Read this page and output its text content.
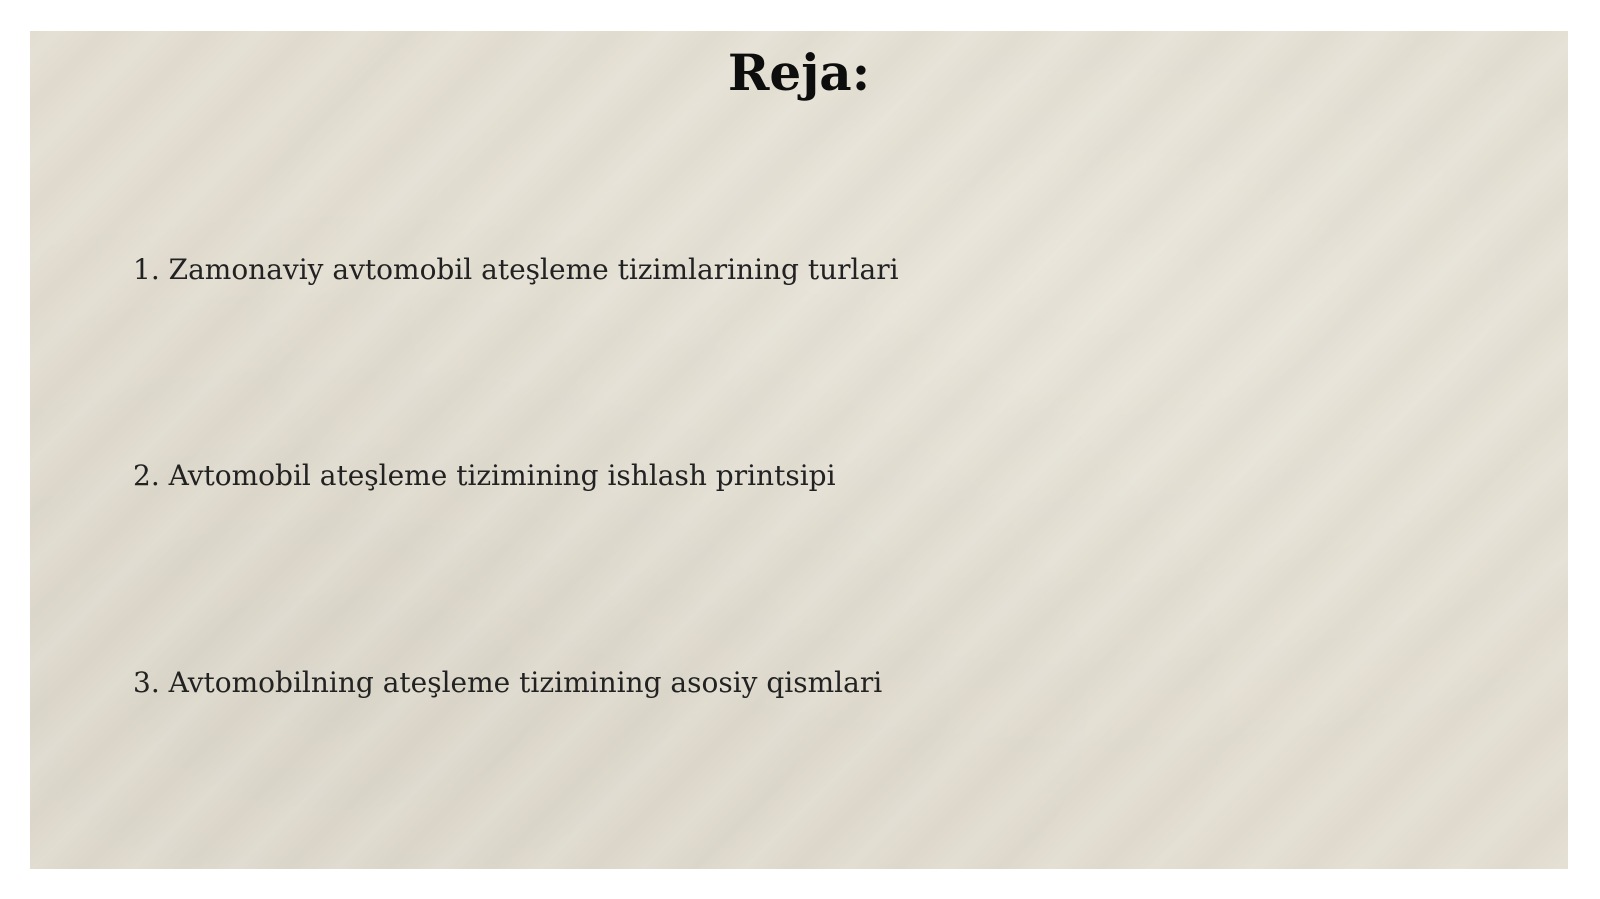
Reja:
1. Zamonaviy avtomobil ateşleme tizimlarining turlari
2. Avtomobil ateşleme tizimining ishlash printsipi
3. Avtomobilning ateşleme tizimining asosiy qismlari
